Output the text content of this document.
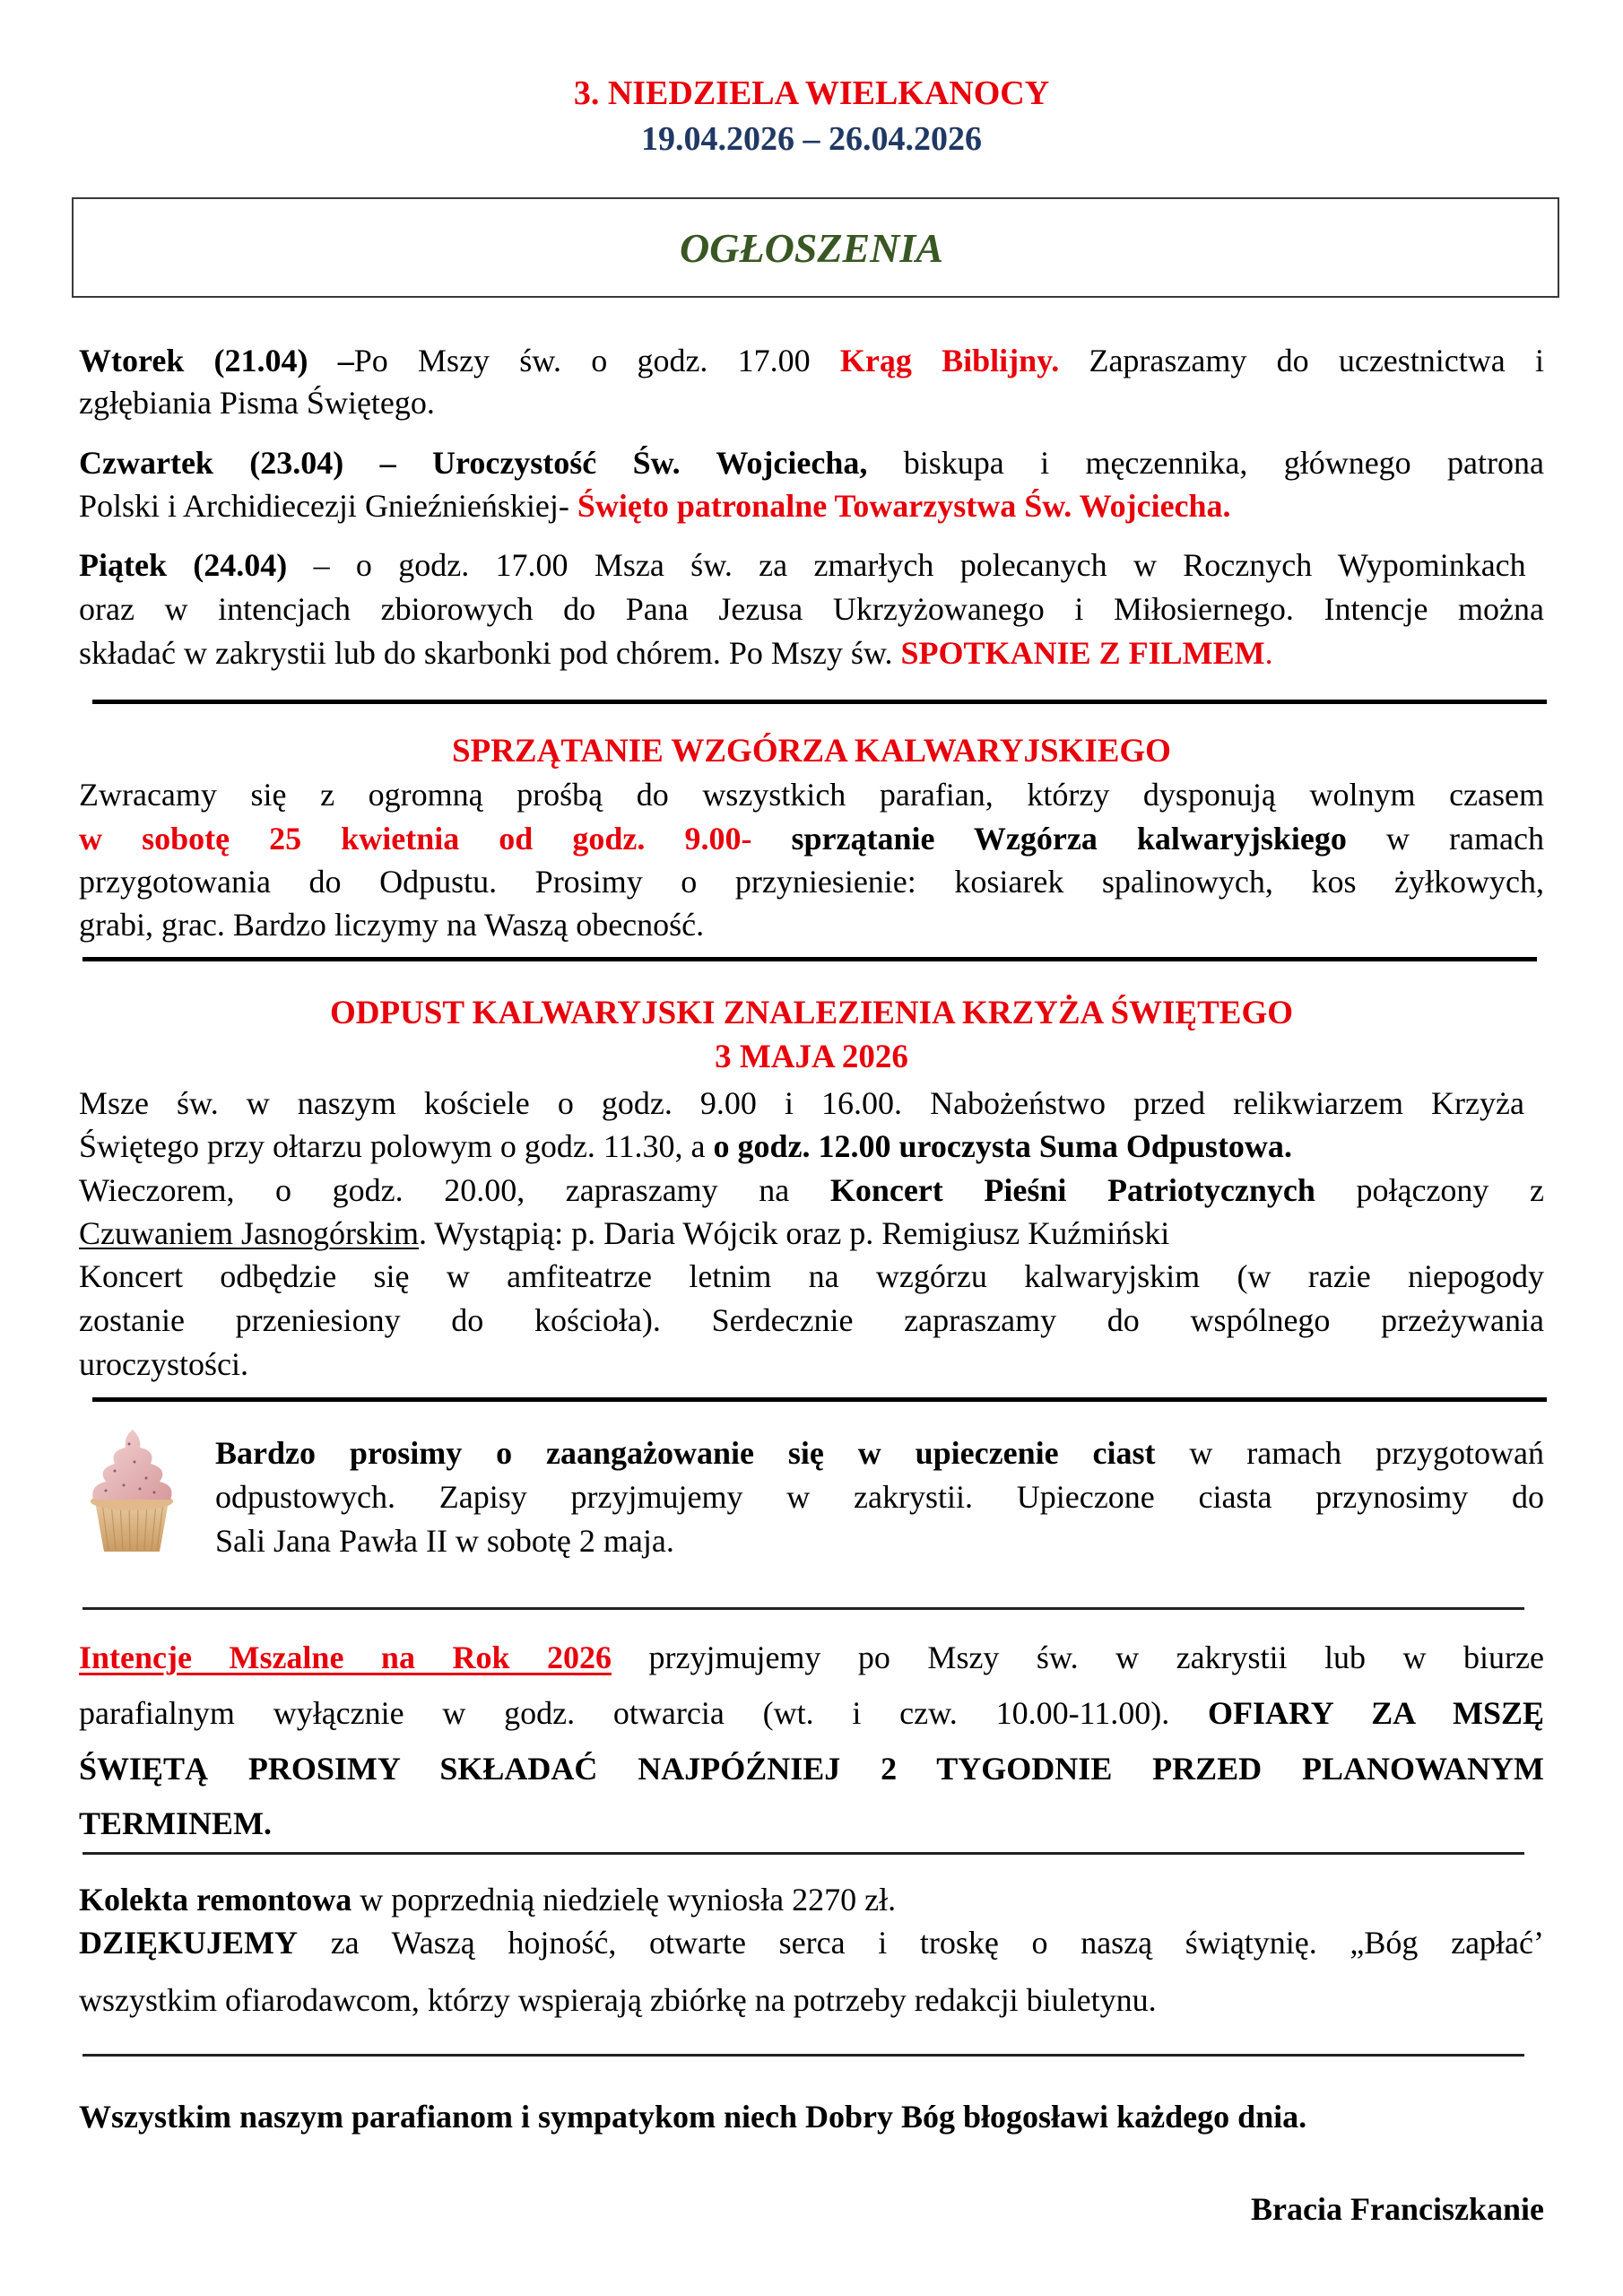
3. NIEDZIELA WIELKANOCY
19.04.2026 – 26.04.2026
OGŁOSZENIA
Wtorek (21.04) –Po Mszy św. o godz. 17.00 Krąg Biblijny. Zapraszamy do uczestnictwa i
zgłębiania Pisma Świętego.
Czwartek (23.04) – Uroczystość Św. Wojciecha, biskupa i męczennika, głównego patrona
Polski i Archidiecezji Gnieźnieńskiej- Święto patronalne Towarzystwa Św. Wojciecha.
Piątek (24.04) – o godz. 17.00 Msza św. za zmarłych polecanych w Rocznych Wypominkach
oraz w intencjach zbiorowych do Pana Jezusa Ukrzyżowanego i Miłosiernego. Intencje można
składać w zakrystii lub do skarbonki pod chórem. Po Mszy św. SPOTKANIE Z FILMEM.
SPRZĄTANIE WZGÓRZA KALWARYJSKIEGO
Zwracamy się z ogromną prośbą do wszystkich parafian, którzy dysponują wolnym czasem
w sobotę 25 kwietnia od godz. 9.00- sprzątanie Wzgórza kalwaryjskiego w ramach
przygotowania do Odpustu. Prosimy o przyniesienie: kosiarek spalinowych, kos żyłkowych,
grabi, grac. Bardzo liczymy na Waszą obecność.
ODPUST KALWARYJSKI ZNALEZIENIA KRZYŻA ŚWIĘTEGO
3 MAJA 2026
Msze św. w naszym kościele o godz. 9.00 i 16.00. Nabożeństwo przed relikwiarzem Krzyża
Świętego przy ołtarzu polowym o godz. 11.30, a o godz. 12.00 uroczysta Suma Odpustowa.
Wieczorem, o godz. 20.00, zapraszamy na Koncert Pieśni Patriotycznych połączony z
Czuwaniem Jasnogórskim. Wystąpią: p. Daria Wójcik oraz p. Remigiusz Kuźmiński
Koncert odbędzie się w amfiteatrze letnim na wzgórzu kalwaryjskim (w razie niepogody
zostanie przeniesiony do kościoła). Serdecznie zapraszamy do wspólnego przeżywania
uroczystości.
Bardzo prosimy o zaangażowanie się w upieczenie ciast w ramach przygotowań
odpustowych. Zapisy przyjmujemy w zakrystii. Upieczone ciasta przynosimy do
Sali Jana Pawła II w sobotę 2 maja.
Intencje Mszalne na Rok 2026 przyjmujemy po Mszy św. w zakrystii lub w biurze
parafialnym wyłącznie w godz. otwarcia (wt. i czw. 10.00-11.00). OFIARY ZA MSZĘ
ŚWIĘTĄ PROSIMY SKŁADAĆ NAJPÓŹNIEJ 2 TYGODNIE PRZED PLANOWANYM
TERMINEM.
Kolekta remontowa w poprzednią niedzielę wyniosła 2270 zł.
DZIĘKUJEMY za Waszą hojność, otwarte serca i troskę o naszą świątynię. „Bóg zapłać’
wszystkim ofiarodawcom, którzy wspierają zbiórkę na potrzeby redakcji biuletynu.
Wszystkim naszym parafianom i sympatykom niech Dobry Bóg błogosławi każdego dnia.
Bracia Franciszkanie
